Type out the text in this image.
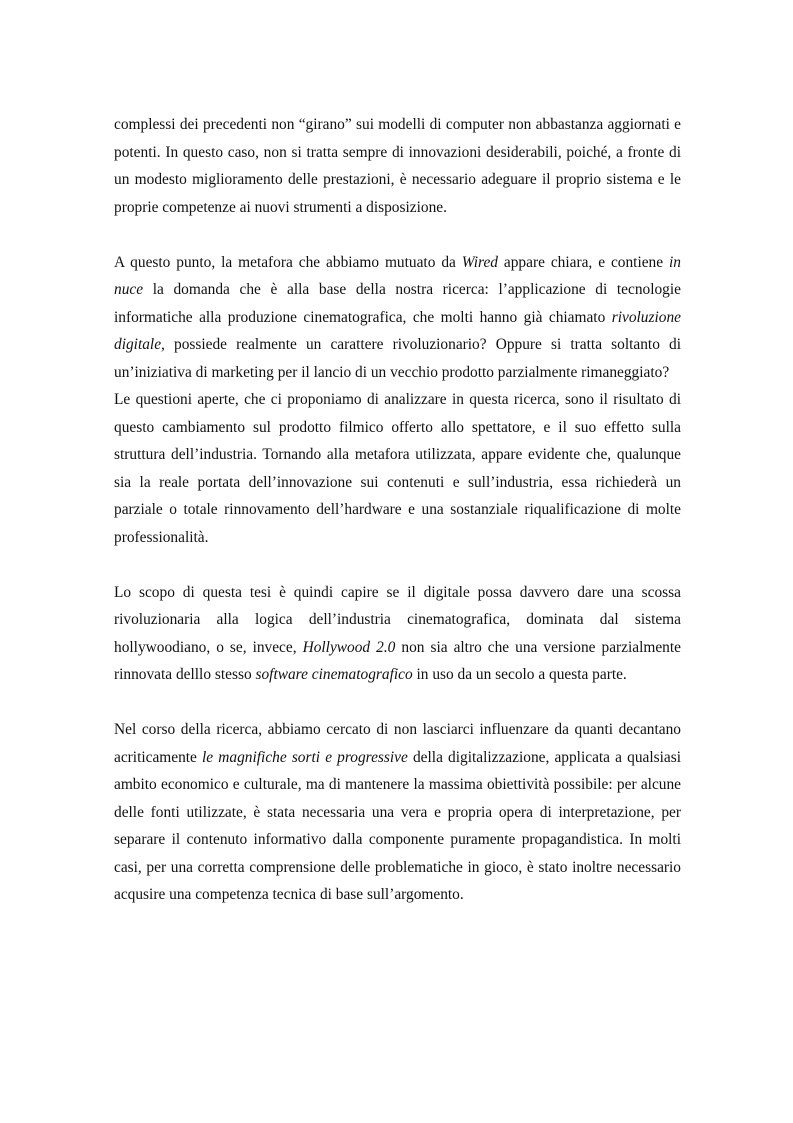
complessi dei precedenti non “girano” sui modelli di computer non abbastanza aggiornati e potenti. In questo caso, non si tratta sempre di innovazioni desiderabili, poiché, a fronte di un modesto miglioramento delle prestazioni, è necessario adeguare il proprio sistema e le proprie competenze ai nuovi strumenti a disposizione.

A questo punto, la metafora che abbiamo mutuato da Wired appare chiara, e contiene in nuce la domanda che è alla base della nostra ricerca: l’applicazione di tecnologie informatiche alla produzione cinematografica, che molti hanno già chiamato rivoluzione digitale, possiede realmente un carattere rivoluzionario? Oppure si tratta soltanto di un’iniziativa di marketing per il lancio di un vecchio prodotto parzialmente rimaneggiato?

Le questioni aperte, che ci proponiamo di analizzare in questa ricerca, sono il risultato di questo cambiamento sul prodotto filmico offerto allo spettatore, e il suo effetto sulla struttura dell’industria. Tornando alla metafora utilizzata, appare evidente che, qualunque sia la reale portata dell’innovazione sui contenuti e sull’industria, essa richiederà un parziale o totale rinnovamento dell’hardware e una sostanziale riqualificazione di molte professionalità.

Lo scopo di questa tesi è quindi capire se il digitale possa davvero dare una scossa rivoluzionaria alla logica dell’industria cinematografica, dominata dal sistema hollywoodiano, o se, invece, Hollywood 2.0 non sia altro che una versione parzialmente rinnovata delllo stesso software cinematografico in uso da un secolo a questa parte.

Nel corso della ricerca, abbiamo cercato di non lasciarci influenzare da quanti decantano acriticamente le magnifiche sorti e progressive della digitalizzazione, applicata a qualsiasi ambito economico e culturale, ma di mantenere la massima obiettività possibile: per alcune delle fonti utilizzate, è stata necessaria una vera e propria opera di interpretazione, per separare il contenuto informativo dalla componente puramente propagandistica. In molti casi, per una corretta comprensione delle problematiche in gioco, è stato inoltre necessario acqusire una competenza tecnica di base sull’argomento.
